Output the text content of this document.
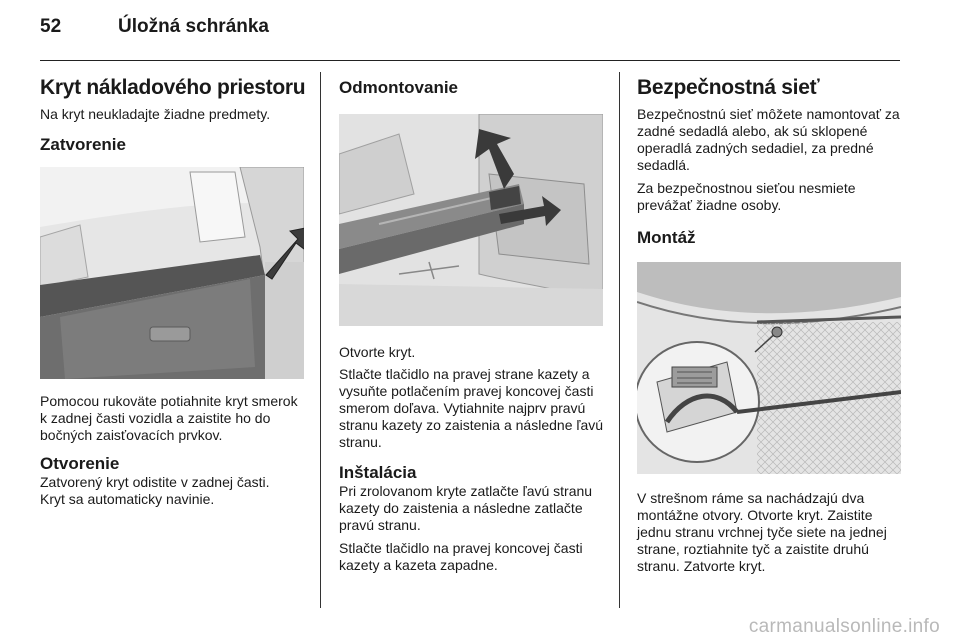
52	Úložná schránka
Kryt nákladového priestoru

Na kryt neukladajte žiadne predmety.

Zatvorenie

Pomocou rukoväte potiahnite kryt smerok k zadnej časti vozidla a zaistite ho do bočných zaisťovacích prvkov.

Otvorenie

Zatvorený kryt odistite v zadnej časti.

Kryt sa automaticky navinie.

Odmontovanie

Otvorte kryt.

Stlačte tlačidlo na pravej strane kazety a vysuňte potlačením pravej koncovej časti smerom doľava. Vytiahnite najprv pravú stranu kazety zo zaistenia a následne ľavú stranu.

Inštalácia

Pri zrolovanom kryte zatlačte ľavú stranu kazety do zaistenia a následne zatlačte pravú stranu.

Stlačte tlačidlo na pravej koncovej časti kazety a kazeta zapadne.

Bezpečnostná sieť

Bezpečnostnú sieť môžete namontovať za zadné sedadlá alebo, ak sú sklopené operadlá zadných sedadiel, za predné sedadlá.

Za bezpečnostnou sieťou nesmiete prevážať žiadne osoby.

Montáž

V strešnom ráme sa nachádzajú dva montážne otvory. Otvorte kryt. Zaistite jednu stranu vrchnej tyče siete na jednej strane, roztiahnite tyč a zaistite druhú stranu. Zatvorte kryt.

carmanualsonline.info
